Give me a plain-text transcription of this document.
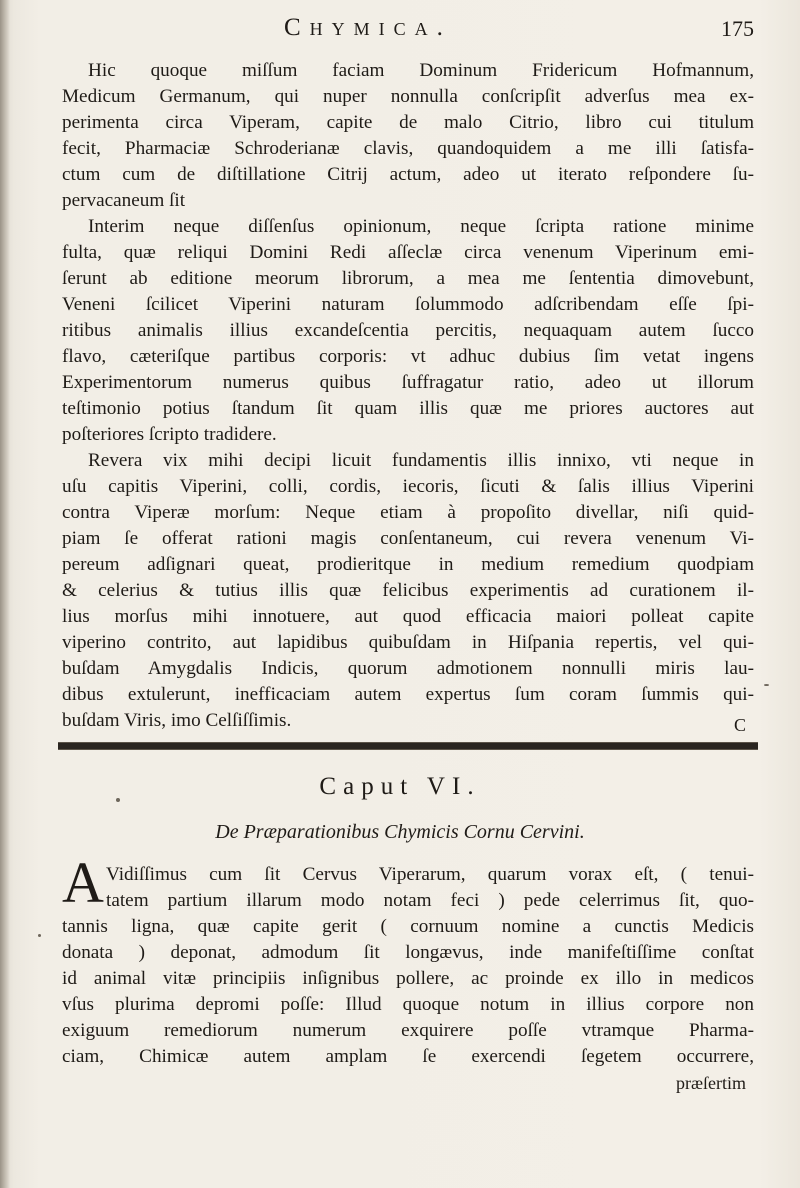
Chymica.	175
Hic quoque miſſum faciam Dominum Fridericum Hofmannum,
Medicum Germanum, qui nuper nonnulla conſcripſit adverſus mea ex-
perimenta circa Viperam, capite de malo Citrio, libro cui titulum
fecit, Pharmaciæ Schroderianæ clavis, quandoquidem a me illi ſatisfa-
ctum cum de diſtillatione Citrij actum, adeo ut iterato reſpondere ſu-
pervacaneum ſit
Interim neque diſſenſus opinionum, neque ſcripta ratione minime
fulta, quæ reliqui Domini Redi aſſeclæ circa venenum Viperinum emi-
ſerunt ab editione meorum librorum, a mea me ſententia dimovebunt,
Veneni ſcilicet Viperini naturam ſolummodo adſcribendam eſſe ſpi-
ritibus animalis illius excandeſcentia percitis, nequaquam autem ſucco
flavo, cæteriſque partibus corporis: vt adhuc dubius ſim vetat ingens
Experimentorum numerus quibus ſuffragatur ratio, adeo ut illorum
teſtimonio potius ſtandum ſit quam illis quæ me priores auctores aut
poſteriores ſcripto tradidere.
Revera vix mihi decipi licuit fundamentis illis innixo, vti neque in
uſu capitis Viperini, colli, cordis, iecoris, ſicuti & ſalis illius Viperini
contra Viperæ morſum: Neque etiam à propoſito divellar, niſi quid-
piam ſe offerat rationi magis conſentaneum, cui revera venenum Vi-
pereum adſignari queat, prodieritque in medium remedium quodpiam
& celerius & tutius illis quæ felicibus experimentis ad curationem il-
lius morſus mihi innotuere, aut quod efficacia maiori polleat capite
viperino contrito, aut lapidibus quibuſdam in Hiſpania repertis, vel qui-
buſdam Amygdalis Indicis, quorum admotionem nonnulli miris lau-
dibus extulerunt, inefficaciam autem expertus ſum coram ſummis qui-
buſdam Viris, imo Celſiſſimis.	C
Caput VI.
De Præparationibus Chymicis Cornu Cervini.
A Vidiſſimus cum ſit Cervus Viperarum, quarum vorax eſt, ( tenui-
tatem partium illarum modo notam feci ) pede celerrimus ſit, quo-
tannis ligna, quæ capite gerit ( cornuum nomine a cunctis Medicis
donata ) deponat, admodum ſit longævus, inde manifeſtiſſime conſtat
id animal vitæ principiis inſignibus pollere, ac proinde ex illo in medicos
vſus plurima depromi poſſe: Illud quoque notum in illius corpore non
exiguum remediorum numerum exquirere poſſe vtramque Pharma-
ciam, Chimicæ autem amplam ſe exercendi ſegetem occurrere,
præſertim
